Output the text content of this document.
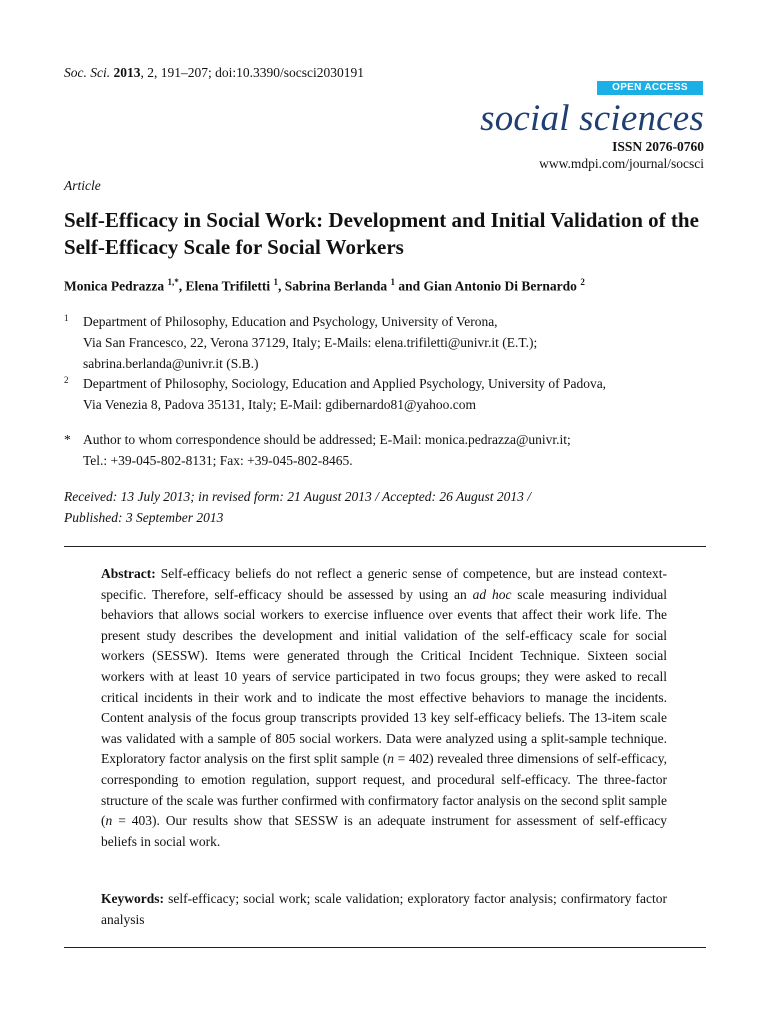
Soc. Sci. 2013, 2, 191–207; doi:10.3390/socsci2030191
OPEN ACCESS
social sciences
ISSN 2076-0760
www.mdpi.com/journal/socsci
Article
Self-Efficacy in Social Work: Development and Initial Validation of the Self-Efficacy Scale for Social Workers
Monica Pedrazza $^{1,*}$, Elena Trifiletti $^1$, Sabrina Berlanda $^1$ and Gian Antonio Di Bernardo $^2$
1 Department of Philosophy, Education and Psychology, University of Verona,
Via San Francesco, 22, Verona 37129, Italy; E-Mails: elena.trifiletti@univr.it (E.T.);
sabrina.berlanda@univr.it (S.B.)
2 Department of Philosophy, Sociology, Education and Applied Psychology, University of Padova,
Via Venezia 8, Padova 35131, Italy; E-Mail: gdibernardo81@yahoo.com
* Author to whom correspondence should be addressed; E-Mail: monica.pedrazza@univr.it;
Tel.: +39-045-802-8131; Fax: +39-045-802-8465.
Received: 13 July 2013; in revised form: 21 August 2013 / Accepted: 26 August 2013 /
Published: 3 September 2013
Abstract: Self-efficacy beliefs do not reflect a generic sense of competence, but are instead context-specific. Therefore, self-efficacy should be assessed by using an ad hoc scale measuring individual behaviors that allows social workers to exercise influence over events that affect their work life. The present study describes the development and initial validation of the self-efficacy scale for social workers (SESSW). Items were generated through the Critical Incident Technique. Sixteen social workers with at least 10 years of service participated in two focus groups; they were asked to recall critical incidents in their work and to indicate the most effective behaviors to manage the incidents. Content analysis of the focus group transcripts provided 13 key self-efficacy beliefs. The 13-item scale was validated with a sample of 805 social workers. Data were analyzed using a split-sample technique. Exploratory factor analysis on the first split sample (n = 402) revealed three dimensions of self-efficacy, corresponding to emotion regulation, support request, and procedural self-efficacy. The three-factor structure of the scale was further confirmed with confirmatory factor analysis on the second split sample (n = 403). Our results show that SESSW is an adequate instrument for assessment of self-efficacy beliefs in social work.
Keywords: self-efficacy; social work; scale validation; exploratory factor analysis; confirmatory factor analysis
